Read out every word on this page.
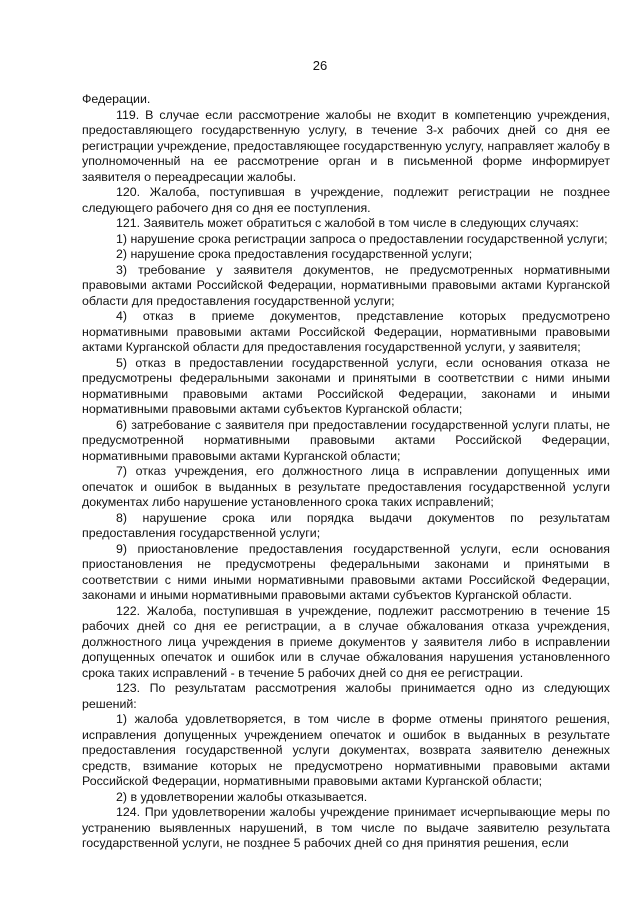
26

Федерации.

119. В случае если рассмотрение жалобы не входит в компетенцию учреждения, предоставляющего государственную услугу, в течение 3-х рабочих дней со дня ее регистрации учреждение, предоставляющее государственную услугу, направляет жалобу в уполномоченный на ее рассмотрение орган и в письменной форме информирует заявителя о переадресации жалобы.

120. Жалоба, поступившая в учреждение, подлежит регистрации не позднее следующего рабочего дня со дня ее поступления.

121. Заявитель может обратиться с жалобой в том числе в следующих случаях:

1) нарушение срока регистрации запроса о предоставлении государственной услуги;

2) нарушение срока предоставления государственной услуги;

3) требование у заявителя документов, не предусмотренных нормативными правовыми актами Российской Федерации, нормативными правовыми актами Курганской области для предоставления государственной услуги;

4) отказ в приеме документов, представление которых предусмотрено нормативными правовыми актами Российской Федерации, нормативными правовыми актами Курганской области для предоставления государственной услуги, у заявителя;

5) отказ в предоставлении государственной услуги, если основания отказа не предусмотрены федеральными законами и принятыми в соответствии с ними иными нормативными правовыми актами Российской Федерации, законами и иными нормативными правовыми актами субъектов Курганской области;

6) затребование с заявителя при предоставлении государственной услуги платы, не предусмотренной нормативными правовыми актами Российской Федерации, нормативными правовыми актами Курганской области;

7) отказ учреждения, его должностного лица в исправлении допущенных ими опечаток и ошибок в выданных в результате предоставления государственной услуги документах либо нарушение установленного срока таких исправлений;

8) нарушение срока или порядка выдачи документов по результатам предоставления государственной услуги;

9) приостановление предоставления государственной услуги, если основания приостановления не предусмотрены федеральными законами и принятыми в соответствии с ними иными нормативными правовыми актами Российской Федерации, законами и иными нормативными правовыми актами субъектов Курганской области.

122. Жалоба, поступившая в учреждение, подлежит рассмотрению в течение 15 рабочих дней со дня ее регистрации, а в случае обжалования отказа учреждения, должностного лица учреждения в приеме документов у заявителя либо в исправлении допущенных опечаток и ошибок или в случае обжалования нарушения установленного срока таких исправлений - в течение 5 рабочих дней со дня ее регистрации.

123. По результатам рассмотрения жалобы принимается одно из следующих решений:

1) жалоба удовлетворяется, в том числе в форме отмены принятого решения, исправления допущенных учреждением опечаток и ошибок в выданных в результате предоставления государственной услуги документах, возврата заявителю денежных средств, взимание которых не предусмотрено нормативными правовыми актами Российской Федерации, нормативными правовыми актами Курганской области;

2) в удовлетворении жалобы отказывается.

124. При удовлетворении жалобы учреждение принимает исчерпывающие меры по устранению выявленных нарушений, в том числе по выдаче заявителю результата государственной услуги, не позднее 5 рабочих дней со дня принятия решения, если
